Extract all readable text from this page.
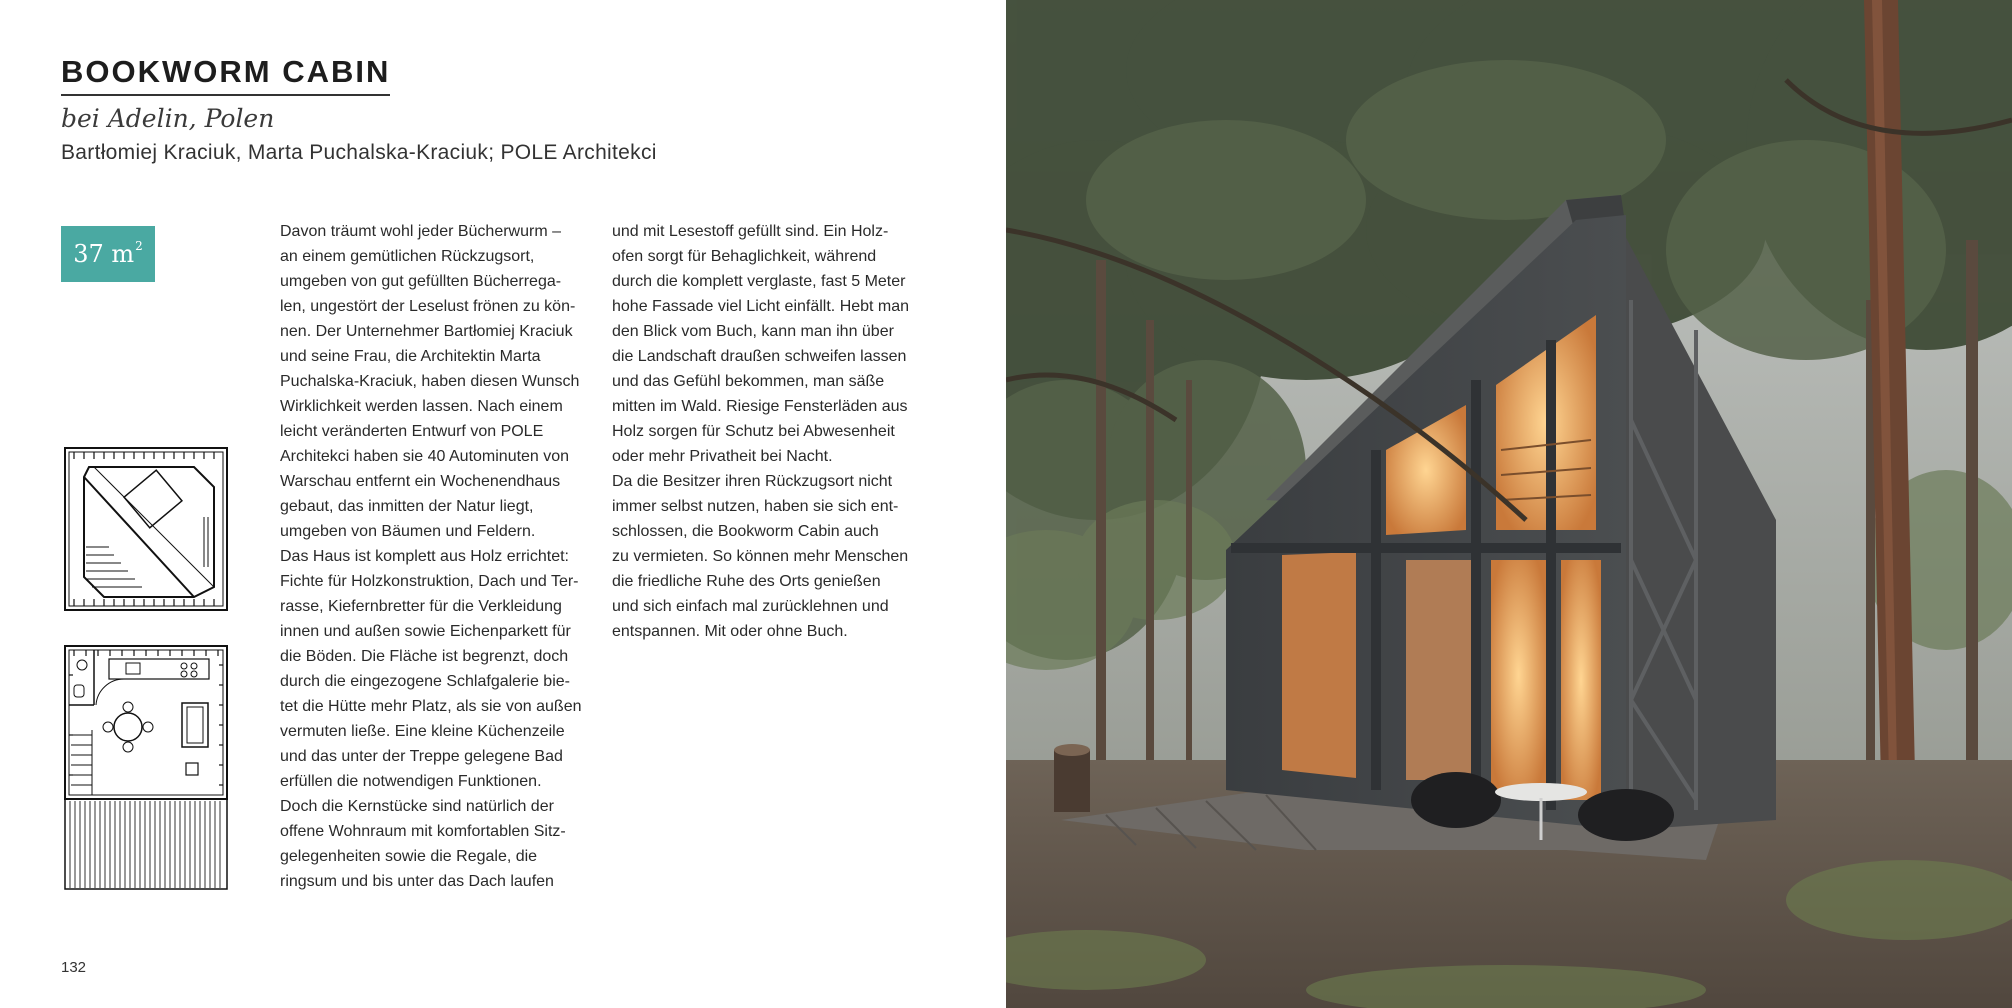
BOOKWORM CABIN

bei Adelin, Polen

Bartłomiej Kraciuk, Marta Puchalska-Kraciuk; POLE Architekci

37 $m^2$

Davon träumt wohl jeder Bücherwurm –

an einem gemütlichen Rückzugsort,

umgeben von gut gefüllten Bücherrega-

len, ungestört der Leselust frönen zu kön-

nen. Der Unternehmer Bartłomiej Kraciuk

und seine Frau, die Architektin Marta

Puchalska-Kraciuk, haben diesen Wunsch

Wirklichkeit werden lassen. Nach einem

leicht veränderten Entwurf von POLE

Architekci haben sie 40 Autominuten von

Warschau entfernt ein Wochenendhaus

gebaut, das inmitten der Natur liegt,

umgeben von Bäumen und Feldern.

Das Haus ist komplett aus Holz errichtet:

Fichte für Holzkonstruktion, Dach und Ter-

rasse, Kiefernbretter für die Verkleidung

innen und außen sowie Eichenparkett für

die Böden. Die Fläche ist begrenzt, doch

durch die eingezogene Schlafgalerie bie-

tet die Hütte mehr Platz, als sie von außen

vermuten ließe. Eine kleine Küchenzeile

und das unter der Treppe gelegene Bad

erfüllen die notwendigen Funktionen.

Doch die Kernstücke sind natürlich der

offene Wohnraum mit komfortablen Sitz-

gelegenheiten sowie die Regale, die

ringsum und bis unter das Dach laufen

und mit Lesestoff gefüllt sind. Ein Holz-

ofen sorgt für Behaglichkeit, während

durch die komplett verglaste, fast 5 Meter

hohe Fassade viel Licht einfällt. Hebt man

den Blick vom Buch, kann man ihn über

die Landschaft draußen schweifen lassen

und das Gefühl bekommen, man säße

mitten im Wald. Riesige Fensterläden aus

Holz sorgen für Schutz bei Abwesenheit

oder mehr Privatheit bei Nacht.

Da die Besitzer ihren Rückzugsort nicht

immer selbst nutzen, haben sie sich ent-

schlossen, die Bookworm Cabin auch

zu vermieten. So können mehr Menschen

die friedliche Ruhe des Orts genießen

und sich einfach mal zurücklehnen und

entspannen. Mit oder ohne Buch.

132
